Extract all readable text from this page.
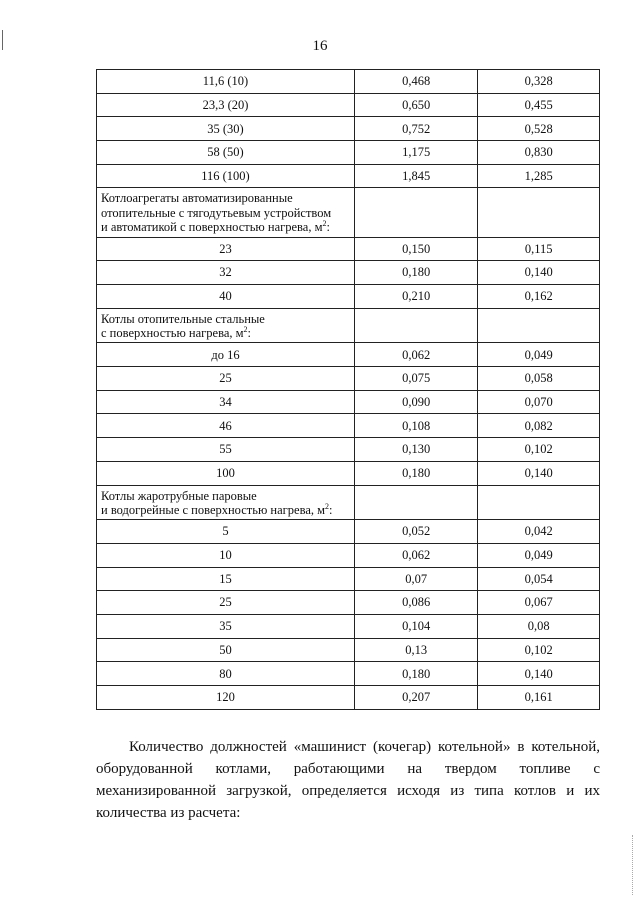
16
11,6 (10)	0,468	0,328
23,3 (20)	0,650	0,455
35 (30)	0,752	0,528
58 (50)	1,175	0,830
116 (100)	1,845	1,285

Котлоагрегаты автоматизированные
отопительные с тягодутьевым устройством
и автоматикой с поверхностью нагрева, $м^2$:		

23	0,150	0,115
32	0,180	0,140
40	0,210	0,162

Котлы отопительные стальные
с поверхностью нагрева, $м^2$:		

до 16	0,062	0,049
25	0,075	0,058
34	0,090	0,070
46	0,108	0,082
55	0,130	0,102
100	0,180	0,140

Котлы жаротрубные паровые
и водогрейные с поверхностью нагрева, $м^2$:		

5	0,052	0,042
10	0,062	0,049
15	0,07	0,054
25	0,086	0,067
35	0,104	0,08
50	0,13	0,102
80	0,180	0,140
120	0,207	0,161

Количество должностей «машинист (кочегар) котельной» в котельной, оборудованной котлами, работающими на твердом топливе с механизированной загрузкой, определяется исходя из типа котлов и их количества из расчета:
